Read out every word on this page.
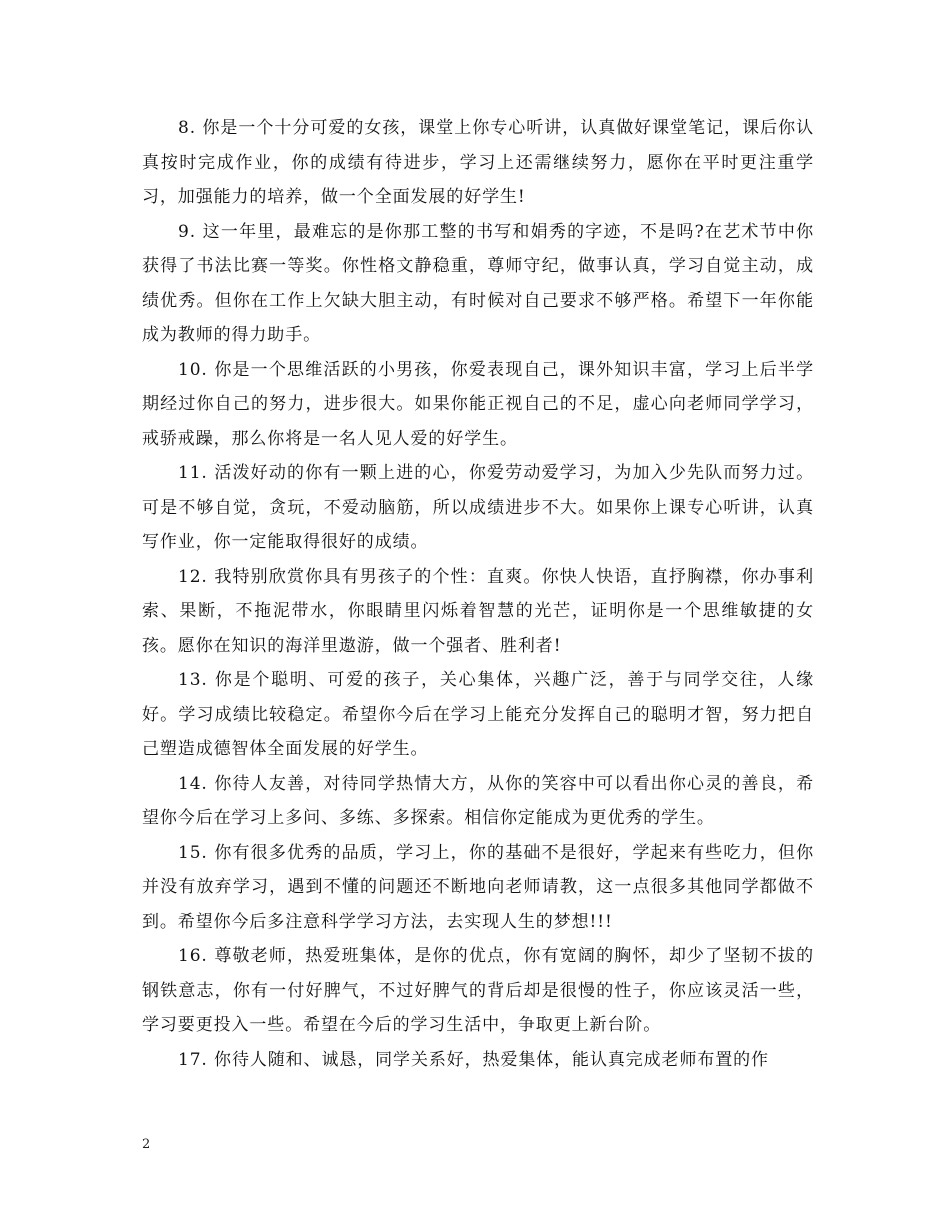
8. 你是一个十分可爱的女孩，课堂上你专心听讲，认真做好课堂笔记，课后你认真按时完成作业，你的成绩有待进步，学习上还需继续努力，愿你在平时更注重学习，加强能力的培养，做一个全面发展的好学生!

9. 这一年里，最难忘的是你那工整的书写和娟秀的字迹，不是吗?在艺术节中你获得了书法比赛一等奖。你性格文静稳重，尊师守纪，做事认真，学习自觉主动，成绩优秀。但你在工作上欠缺大胆主动，有时候对自己要求不够严格。希望下一年你能成为教师的得力助手。

10. 你是一个思维活跃的小男孩，你爱表现自己，课外知识丰富，学习上后半学期经过你自己的努力，进步很大。如果你能正视自己的不足，虚心向老师同学学习，戒骄戒躁，那么你将是一名人见人爱的好学生。

11. 活泼好动的你有一颗上进的心，你爱劳动爱学习，为加入少先队而努力过。可是不够自觉，贪玩，不爱动脑筋，所以成绩进步不大。如果你上课专心听讲，认真写作业，你一定能取得很好的成绩。

12. 我特别欣赏你具有男孩子的个性：直爽。你快人快语，直抒胸襟，你办事利索、果断，不拖泥带水，你眼睛里闪烁着智慧的光芒，证明你是一个思维敏捷的女孩。愿你在知识的海洋里遨游，做一个强者、胜利者!

13. 你是个聪明、可爱的孩子，关心集体，兴趣广泛，善于与同学交往，人缘好。学习成绩比较稳定。希望你今后在学习上能充分发挥自己的聪明才智，努力把自己塑造成德智体全面发展的好学生。

14. 你待人友善，对待同学热情大方，从你的笑容中可以看出你心灵的善良，希望你今后在学习上多问、多练、多探索。相信你定能成为更优秀的学生。

15. 你有很多优秀的品质，学习上，你的基础不是很好，学起来有些吃力，但你并没有放弃学习，遇到不懂的问题还不断地向老师请教，这一点很多其他同学都做不到。希望你今后多注意科学学习方法，去实现人生的梦想!!!

16. 尊敬老师，热爱班集体，是你的优点，你有宽阔的胸怀，却少了坚韧不拔的钢铁意志，你有一付好脾气，不过好脾气的背后却是很慢的性子，你应该灵活一些，学习要更投入一些。希望在今后的学习生活中，争取更上新台阶。

17. 你待人随和、诚恳，同学关系好，热爱集体，能认真完成老师布置的作

2
